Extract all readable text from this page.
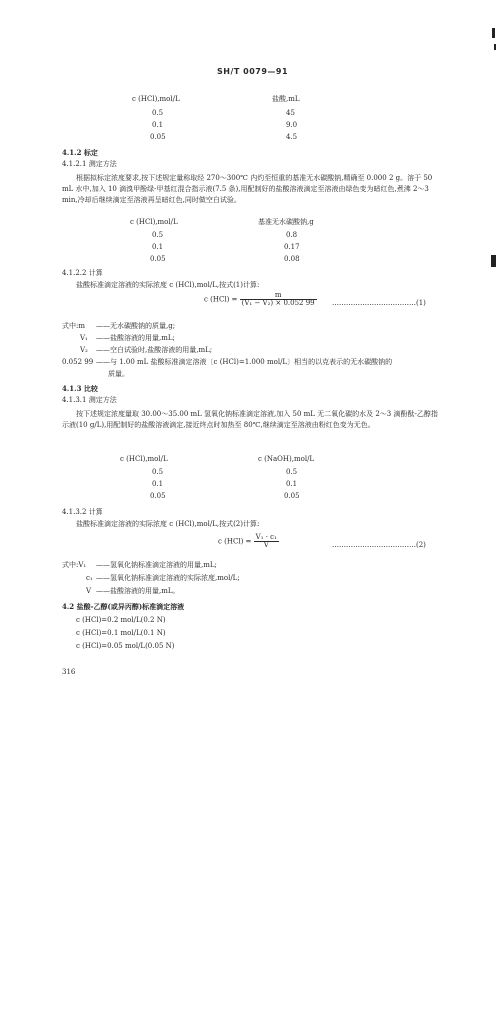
SH/T 0079—91
c (HCl),mol/L	盐酸,mL
0.5	45
0.1	9.0
0.05	4.5
4.1.2 标定
4.1.2.1 测定方法
根据拟标定浓度要求,按下述规定量称取经 270～300℃ 内灼至恒重的基准无水碳酸钠,精确至 0.000 2 g。溶于 50 mL 水中,加入 10 滴溴甲酚绿-甲基红混合指示液(7.5 条),用配制好的盐酸溶液滴定至溶液由绿色变为暗红色,煮沸 2～3 min,冷却后继续滴定至溶液再呈暗红色,同时做空白试验。
c (HCl),mol/L	基准无水碳酸钠,g
0.5	0.8
0.1	0.17
0.05	0.08
4.1.2.2 计算
盐酸标准滴定溶液的实际浓度 c (HCl),mol/L,按式(1)计算:
c $(HCl) = \frac{m}{\text{(V₁ − V₂) × 0.052 99}}$ ………………………………(1)
式中:m ——无水碳酸钠的质量,g;
V₁ ——盐酸溶液的用量,mL;
V₂ ——空白试验时,盐酸溶液的用量,mL;
0.052 99 ——与 1.00 mL 盐酸标准滴定溶液〔c (HCl)=1.000 mol/L〕相当的以克表示的无水碳酸钠的
质量。
4.1.3 比较
4.1.3.1 测定方法
按下述规定浓度量取 30.00～35.00 mL 氢氧化钠标准滴定溶液,加入 50 mL 无二氧化碳的水及 2～3 滴酚酞-乙醇指示液(10 g/L),用配制好的盐酸溶液滴定,接近终点时加热至 80℃,继续滴定至溶液由粉红色变为无色。
c (HCl),mol/L	c (NaOH),mol/L
0.5	0.5
0.1	0.1
0.05	0.05
4.1.3.2 计算
盐酸标准滴定溶液的实际浓度 c (HCl),mol/L,按式(2)计算:
c $(HCl) = \frac{\text{V₁ · c₁}}{V}$	………………………………(2)
式中:V₁ ——氢氧化钠标准滴定溶液的用量,mL;
c₁ ——氢氧化钠标准滴定溶液的实际浓度,mol/L;
V ——盐酸溶液的用量,mL。
4.2 盐酸-乙醇(或异丙醇)标准滴定溶液
c (HCl)=0.2 mol/L(0.2 N)
c (HCl)=0.1 mol/L(0.1 N)
c (HCl)=0.05 mol/L(0.05 N)
316
